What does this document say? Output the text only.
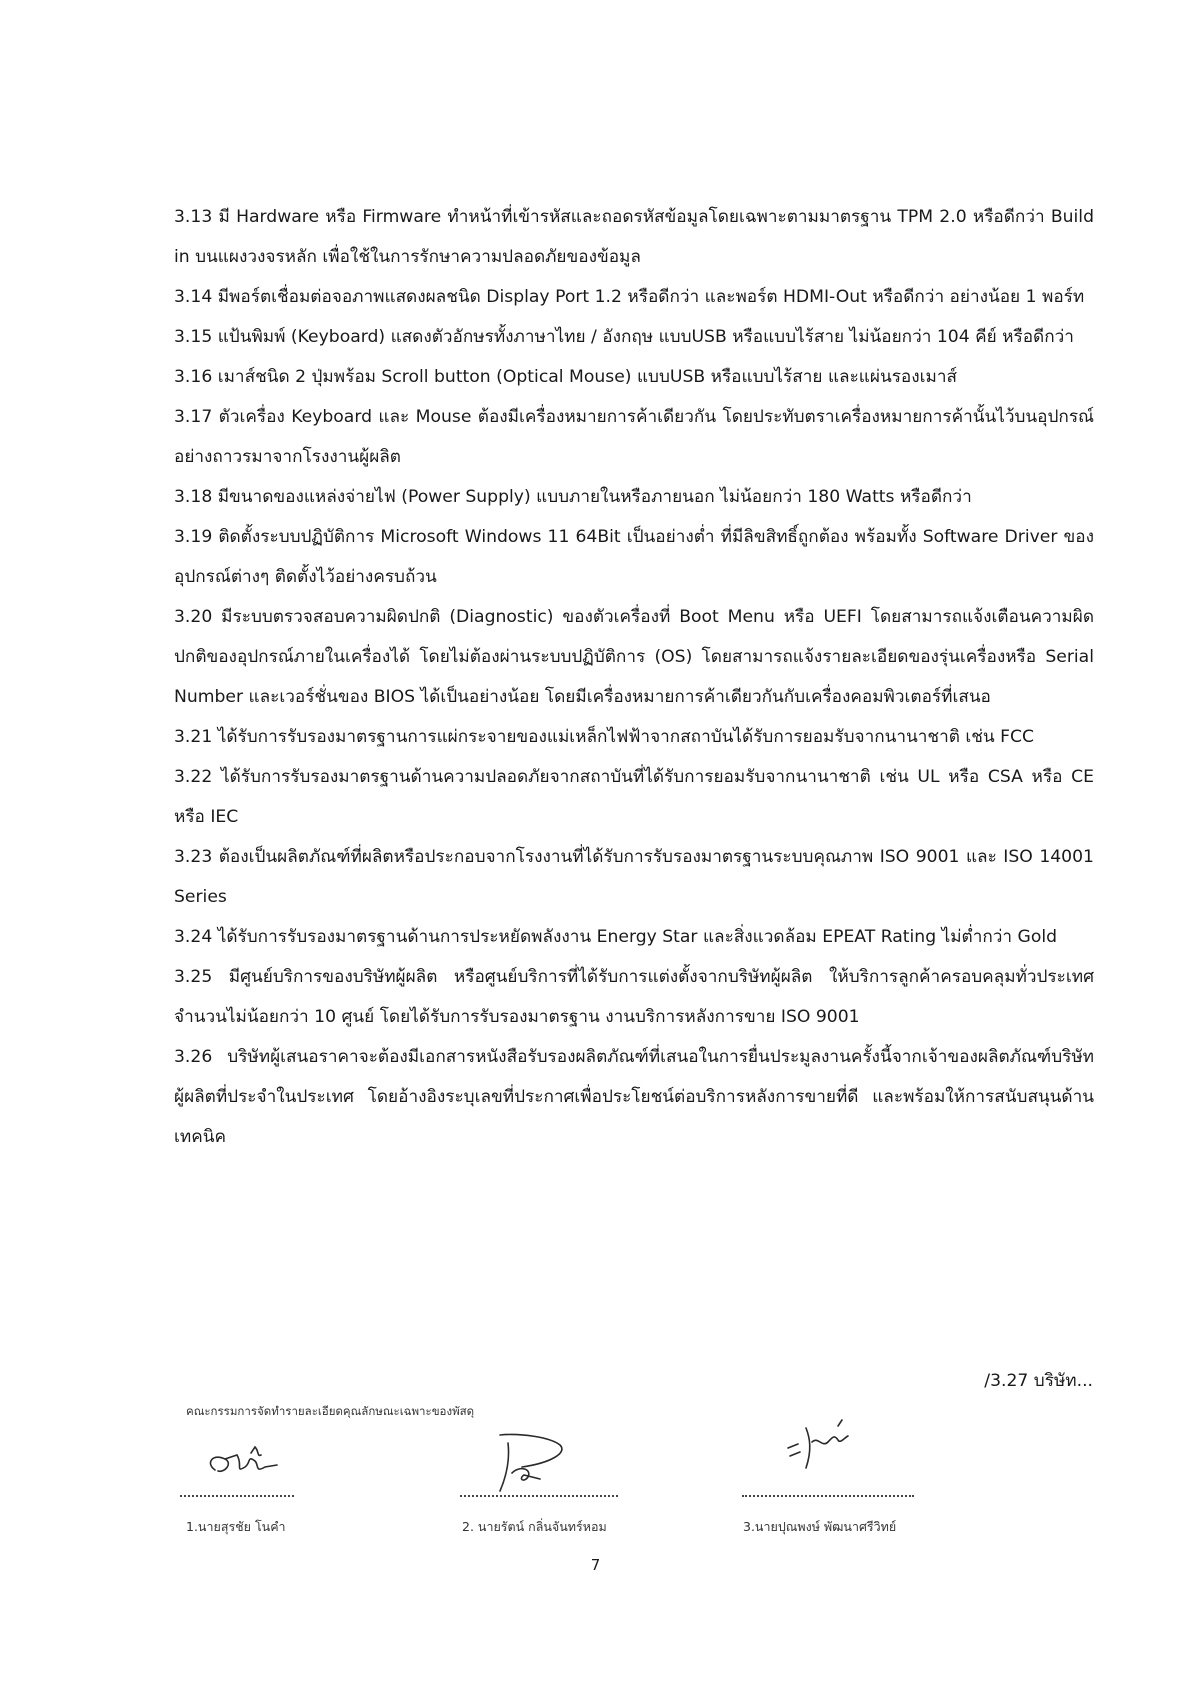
3.13 มี Hardware หรือ Firmware ทำหน้าที่เข้ารหัสและถอดรหัสข้อมูลโดยเฉพาะตามมาตรฐาน TPM 2.0 หรือดีกว่า Build in บนแผงวงจรหลัก เพื่อใช้ในการรักษาความปลอดภัยของข้อมูล

3.14 มีพอร์ตเชื่อมต่อจอภาพแสดงผลชนิด Display Port 1.2 หรือดีกว่า และพอร์ต HDMI-Out หรือดีกว่า อย่างน้อย 1 พอร์ท

3.15 แป้นพิมพ์ (Keyboard) แสดงตัวอักษรทั้งภาษาไทย / อังกฤษ แบบUSB หรือแบบไร้สาย ไม่น้อยกว่า 104 คีย์ หรือดีกว่า

3.16 เมาส์ชนิด 2 ปุ่มพร้อม Scroll button (Optical Mouse) แบบUSB หรือแบบไร้สาย และแผ่นรองเมาส์

3.17 ตัวเครื่อง Keyboard และ Mouse ต้องมีเครื่องหมายการค้าเดียวกัน โดยประทับตราเครื่องหมายการค้านั้นไว้บนอุปกรณ์อย่างถาวรมาจากโรงงานผู้ผลิต

3.18 มีขนาดของแหล่งจ่ายไฟ (Power Supply) แบบภายในหรือภายนอก ไม่น้อยกว่า 180 Watts หรือดีกว่า

3.19 ติดตั้งระบบปฏิบัติการ Microsoft Windows 11 64Bit เป็นอย่างต่ำ ที่มีลิขสิทธิ์ถูกต้อง พร้อมทั้ง Software Driver ของอุปกรณ์ต่างๆ ติดตั้งไว้อย่างครบถ้วน

3.20 มีระบบตรวจสอบความผิดปกติ (Diagnostic) ของตัวเครื่องที่ Boot Menu หรือ UEFI โดยสามารถแจ้งเตือนความผิดปกติของอุปกรณ์ภายในเครื่องได้ โดยไม่ต้องผ่านระบบปฏิบัติการ (OS) โดยสามารถแจ้งรายละเอียดของรุ่นเครื่องหรือ Serial Number และเวอร์ชั่นของ BIOS ได้เป็นอย่างน้อย โดยมีเครื่องหมายการค้าเดียวกันกับเครื่องคอมพิวเตอร์ที่เสนอ

3.21 ได้รับการรับรองมาตรฐานการแผ่กระจายของแม่เหล็กไฟฟ้าจากสถาบันได้รับการยอมรับจากนานาชาติ เช่น FCC

3.22 ได้รับการรับรองมาตรฐานด้านความปลอดภัยจากสถาบันที่ได้รับการยอมรับจากนานาชาติ เช่น UL หรือ CSA หรือ CE หรือ IEC

3.23 ต้องเป็นผลิตภัณฑ์ที่ผลิตหรือประกอบจากโรงงานที่ได้รับการรับรองมาตรฐานระบบคุณภาพ ISO 9001 และ ISO 14001 Series

3.24 ได้รับการรับรองมาตรฐานด้านการประหยัดพลังงาน Energy Star และสิ่งแวดล้อม EPEAT Rating ไม่ต่ำกว่า Gold

3.25 มีศูนย์บริการของบริษัทผู้ผลิต หรือศูนย์บริการที่ได้รับการแต่งตั้งจากบริษัทผู้ผลิต ให้บริการลูกค้าครอบคลุมทั่วประเทศจำนวนไม่น้อยกว่า 10 ศูนย์ โดยได้รับการรับรองมาตรฐาน งานบริการหลังการขาย ISO 9001

3.26 บริษัทผู้เสนอราคาจะต้องมีเอกสารหนังสือรับรองผลิตภัณฑ์ที่เสนอในการยื่นประมูลงานครั้งนี้จากเจ้าของผลิตภัณฑ์บริษัทผู้ผลิตที่ประจำในประเทศ โดยอ้างอิงระบุเลขที่ประกาศเพื่อประโยชน์ต่อบริการหลังการขายที่ดี และพร้อมให้การสนับสนุนด้านเทคนิค

/3.27 บริษัท...
คณะกรรมการจัดทำรายละเอียดคุณลักษณะเฉพาะของพัสดุ
1.นายสุรชัย โนคำ	2. นายรัตน์ กลิ่นจันทร์หอม	3.นายปุณพงษ์ พัฒนาศรีวิทย์
7
